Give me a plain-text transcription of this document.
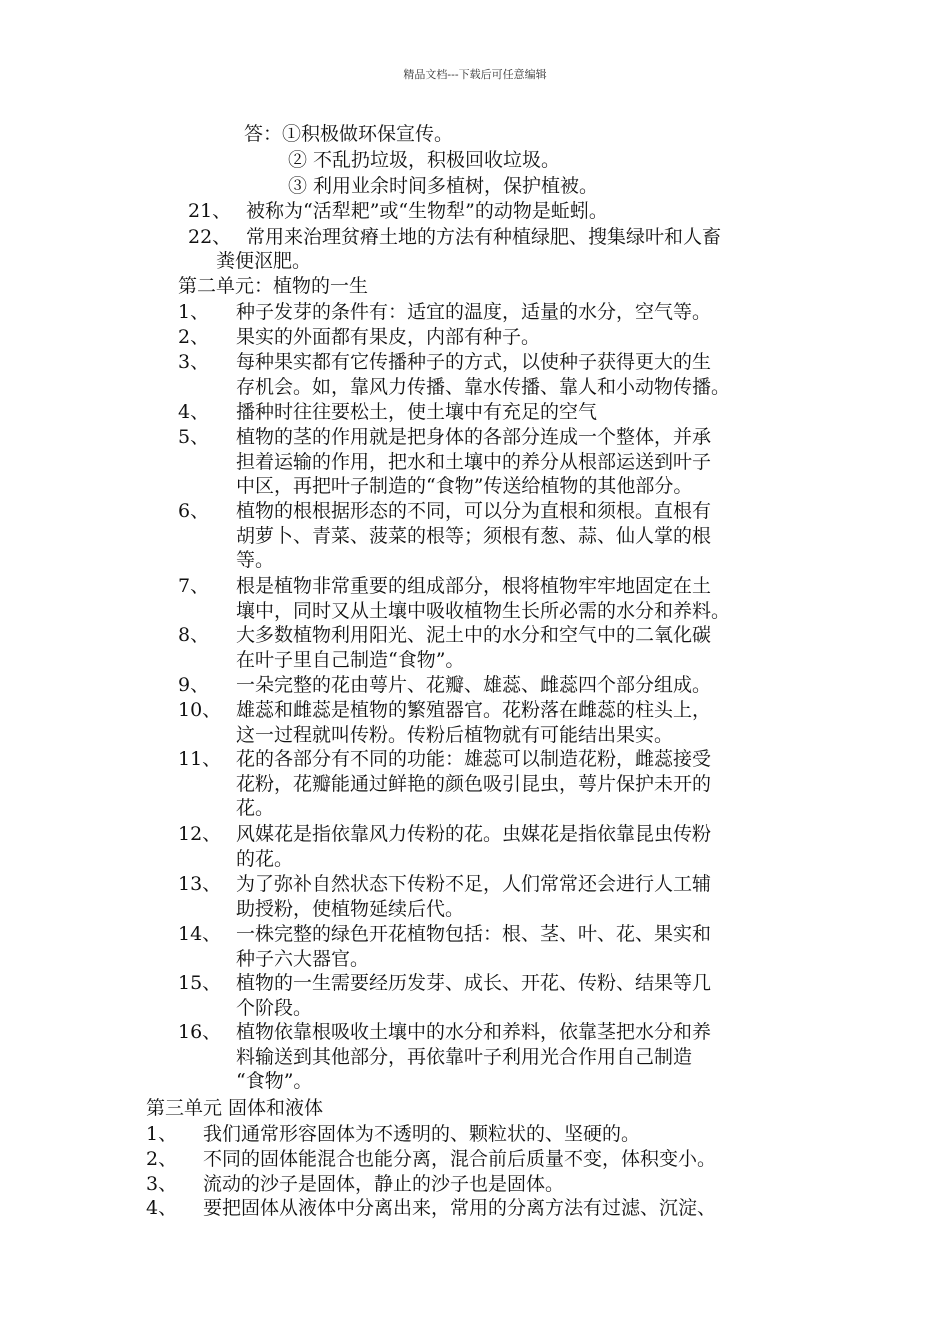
精品文档---下载后可任意编辑
答：①积极做环保宣传。
② 不乱扔垃圾，积极回收垃圾。
③ 利用业余时间多植树，保护植被。
21、 被称为“活犁耙”或“生物犁”的动物是蚯蚓。
22、 常用来治理贫瘠土地的方法有种植绿肥、搜集绿叶和人畜
粪便沤肥。
第二单元：植物的一生
1、 种子发芽的条件有：适宜的温度，适量的水分，空气等。
2、 果实的外面都有果皮，内部有种子。
3、 每种果实都有它传播种子的方式，以使种子获得更大的生
存机会。如，靠风力传播、靠水传播、靠人和小动物传播。
4、 播种时往往要松土，使土壤中有充足的空气
5、 植物的茎的作用就是把身体的各部分连成一个整体，并承
担着运输的作用，把水和土壤中的养分从根部运送到叶子
中区，再把叶子制造的“食物”传送给植物的其他部分。
6、 植物的根根据形态的不同，可以分为直根和须根。直根有
胡萝卜、青菜、菠菜的根等；须根有葱、蒜、仙人掌的根
等。
7、 根是植物非常重要的组成部分，根将植物牢牢地固定在土
壤中，同时又从土壤中吸收植物生长所必需的水分和养料。
8、 大多数植物利用阳光、泥土中的水分和空气中的二氧化碳
在叶子里自己制造“食物”。
9、 一朵完整的花由萼片、花瓣、雄蕊、雌蕊四个部分组成。
10、 雄蕊和雌蕊是植物的繁殖器官。花粉落在雌蕊的柱头上，
这一过程就叫传粉。传粉后植物就有可能结出果实。
11、 花的各部分有不同的功能：雄蕊可以制造花粉，雌蕊接受
花粉，花瓣能通过鲜艳的颜色吸引昆虫，萼片保护未开的
花。
12、 风媒花是指依靠风力传粉的花。虫媒花是指依靠昆虫传粉
的花。
13、 为了弥补自然状态下传粉不足，人们常常还会进行人工辅
助授粉，使植物延续后代。
14、 一株完整的绿色开花植物包括：根、茎、叶、花、果实和
种子六大器官。
15、 植物的一生需要经历发芽、成长、开花、传粉、结果等几
个阶段。
16、 植物依靠根吸收土壤中的水分和养料，依靠茎把水分和养
料输送到其他部分，再依靠叶子利用光合作用自己制造
“食物”。
第三单元 固体和液体
1、 我们通常形容固体为不透明的、颗粒状的、坚硬的。
2、 不同的固体能混合也能分离，混合前后质量不变，体积变小。
3、 流动的沙子是固体，静止的沙子也是固体。
4、 要把固体从液体中分离出来，常用的分离方法有过滤、沉淀、
